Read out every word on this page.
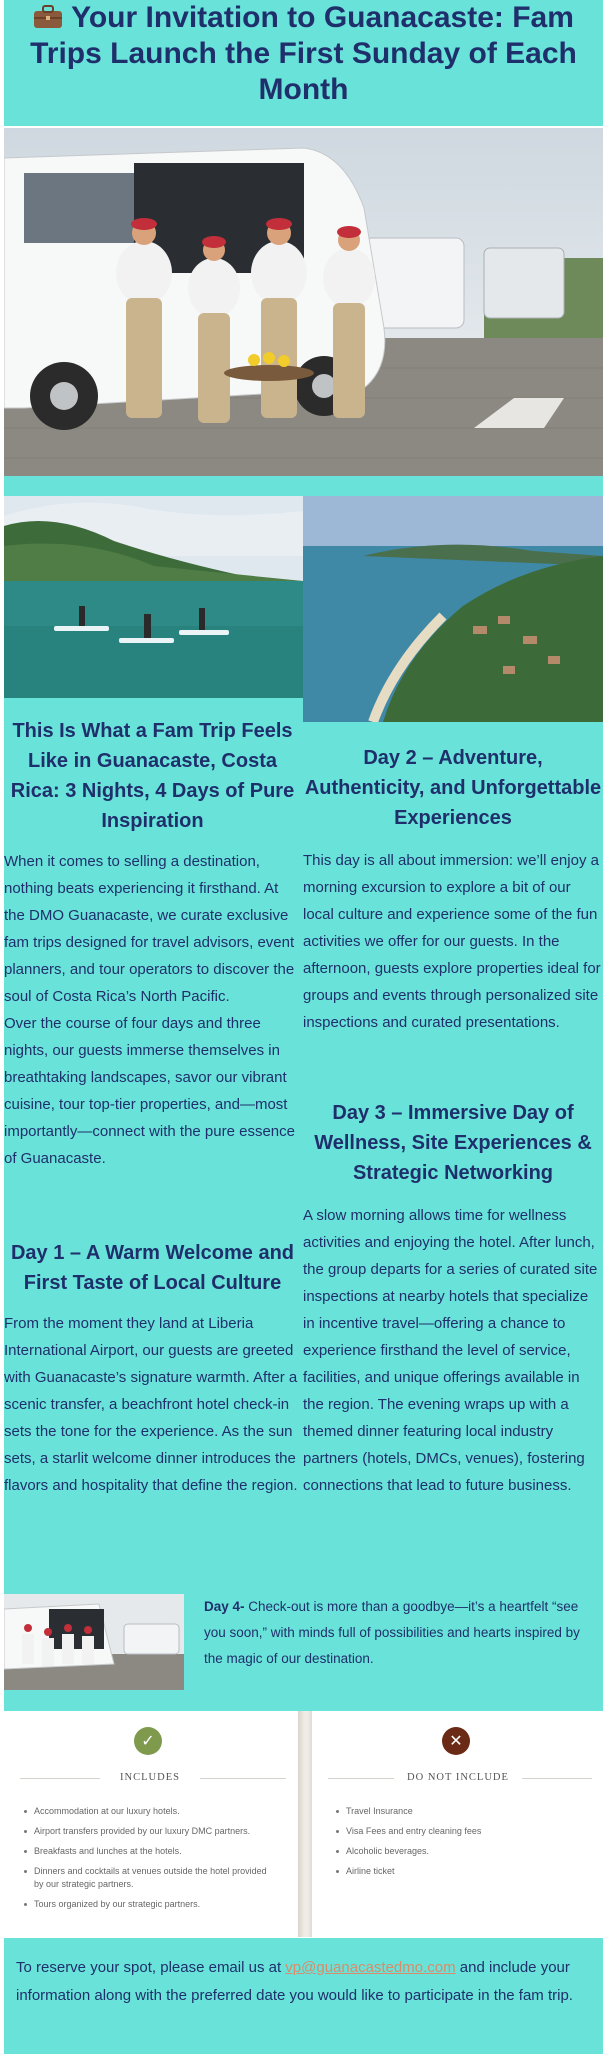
Your Invitation to Guanacaste: Fam Trips Launch the First Sunday of Each Month
This Is What a Fam Trip Feels Like in Guanacaste, Costa Rica: 3 Nights, 4 Days of Pure Inspiration

When it comes to selling a destination, nothing beats experiencing it firsthand. At the DMO Guanacaste, we curate exclusive fam trips designed for travel advisors, event planners, and tour operators to discover the soul of Costa Rica’s North Pacific.

Over the course of four days and three nights, our guests immerse themselves in breathtaking landscapes, savor our vibrant cuisine, tour top-tier properties, and—most importantly—connect with the pure essence of Guanacaste.

Day 1 – A Warm Welcome and First Taste of Local Culture

From the moment they land at Liberia International Airport, our guests are greeted with Guanacaste’s signature warmth. After a scenic transfer, a beachfront hotel check-in sets the tone for the experience. As the sun sets, a starlit welcome dinner introduces the flavors and hospitality that define the region.

Day 2 – Adventure, Authenticity, and Unforgettable Experiences

This day is all about immersion: we’ll enjoy a morning excursion to explore a bit of our local culture and experience some of the fun activities we offer for our guests. In the afternoon, guests explore properties ideal for groups and events through personalized site inspections and curated presentations.

Day 3 – Immersive Day of Wellness, Site Experiences & Strategic Networking

A slow morning allows time for wellness activities and enjoying the hotel. After lunch, the group departs for a series of curated site inspections at nearby hotels that specialize in incentive travel—offering a chance to experience firsthand the level of service, facilities, and unique offerings available in the region. The evening wraps up with a themed dinner featuring local industry partners (hotels, DMCs, venues), fostering connections that lead to future business.

Day 4- Check-out is more than a goodbye—it’s a heartfelt “see you soon,” with minds full of possibilities and hearts inspired by the magic of our destination.

✓
INCLUDES
Accommodation at our luxury hotels.
Airport transfers provided by our luxury DMC partners.
Breakfasts and lunches at the hotels.
Dinners and cocktails at venues outside the hotel provided by our strategic partners.
Tours organized by our strategic partners.
✕
DO NOT INCLUDE
Travel Insurance
Visa Fees and entry cleaning fees
Alcoholic beverages.
Airline ticket

To reserve your spot, please email us at vp@guanacastedmo.com and include your information along with the preferred date you would like to participate in the fam trip.
